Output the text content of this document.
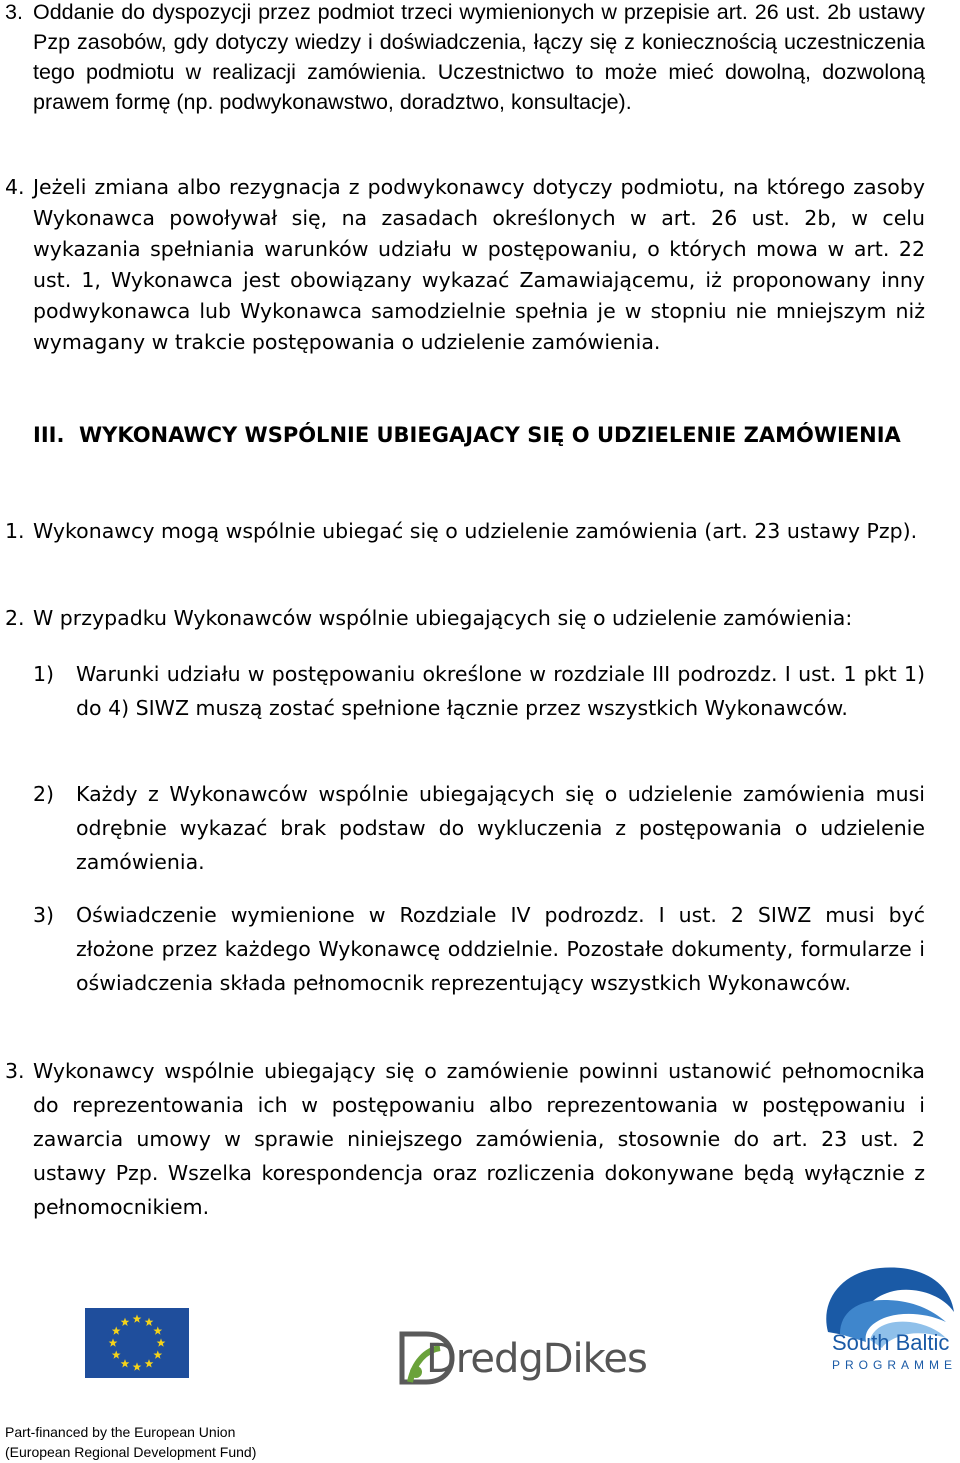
3. Oddanie do dyspozycji przez podmiot trzeci wymienionych w przepisie art. 26 ust. 2b ustawy Pzp zasobów, gdy dotyczy wiedzy i doświadczenia, łączy się z koniecznością uczestniczenia tego podmiotu w realizacji zamówienia. Uczestnictwo to może mieć dowolną, dozwoloną prawem formę (np. podwykonawstwo, doradztwo, konsultacje).
4. Jeżeli zmiana albo rezygnacja z podwykonawcy dotyczy podmiotu, na którego zasoby Wykonawca powoływał się, na zasadach określonych w art. 26 ust. 2b, w celu wykazania spełniania warunków udziału w postępowaniu, o których mowa w art. 22 ust. 1, Wykonawca jest obowiązany wykazać Zamawiającemu, iż proponowany inny podwykonawca lub Wykonawca samodzielnie spełnia je w stopniu nie mniejszym niż wymagany w trakcie postępowania o udzielenie zamówienia.
III. WYKONAWCY WSPÓLNIE UBIEGAJACY SIĘ O UDZIELENIE ZAMÓWIENIA
1. Wykonawcy mogą wspólnie ubiegać się o udzielenie zamówienia (art. 23 ustawy Pzp).
2. W przypadku Wykonawców wspólnie ubiegających się o udzielenie zamówienia:
1) Warunki udziału w postępowaniu określone w rozdziale III podrozdz. I ust. 1 pkt 1) do 4) SIWZ muszą zostać spełnione łącznie przez wszystkich Wykonawców.
2) Każdy z Wykonawców wspólnie ubiegających się o udzielenie zamówienia musi odrębnie wykazać brak podstaw do wykluczenia z postępowania o udzielenie zamówienia.
3) Oświadczenie wymienione w Rozdziale IV podrozdz. I ust. 2 SIWZ musi być złożone przez każdego Wykonawcę oddzielnie. Pozostałe dokumenty, formularze i oświadczenia składa pełnomocnik reprezentujący wszystkich Wykonawców.
3. Wykonawcy wspólnie ubiegający się o zamówienie powinni ustanowić pełnomocnika do reprezentowania ich w postępowaniu albo reprezentowania w postępowaniu i zawarcia umowy w sprawie niniejszego zamówienia, stosownie do art. 23 ust. 2 ustawy Pzp. Wszelka korespondencja oraz rozliczenia dokonywane będą wyłącznie z pełnomocnikiem.
DredgDikes	South Baltic
PROGRAMME
Part-financed by the European Union
(European Regional Development Fund)
